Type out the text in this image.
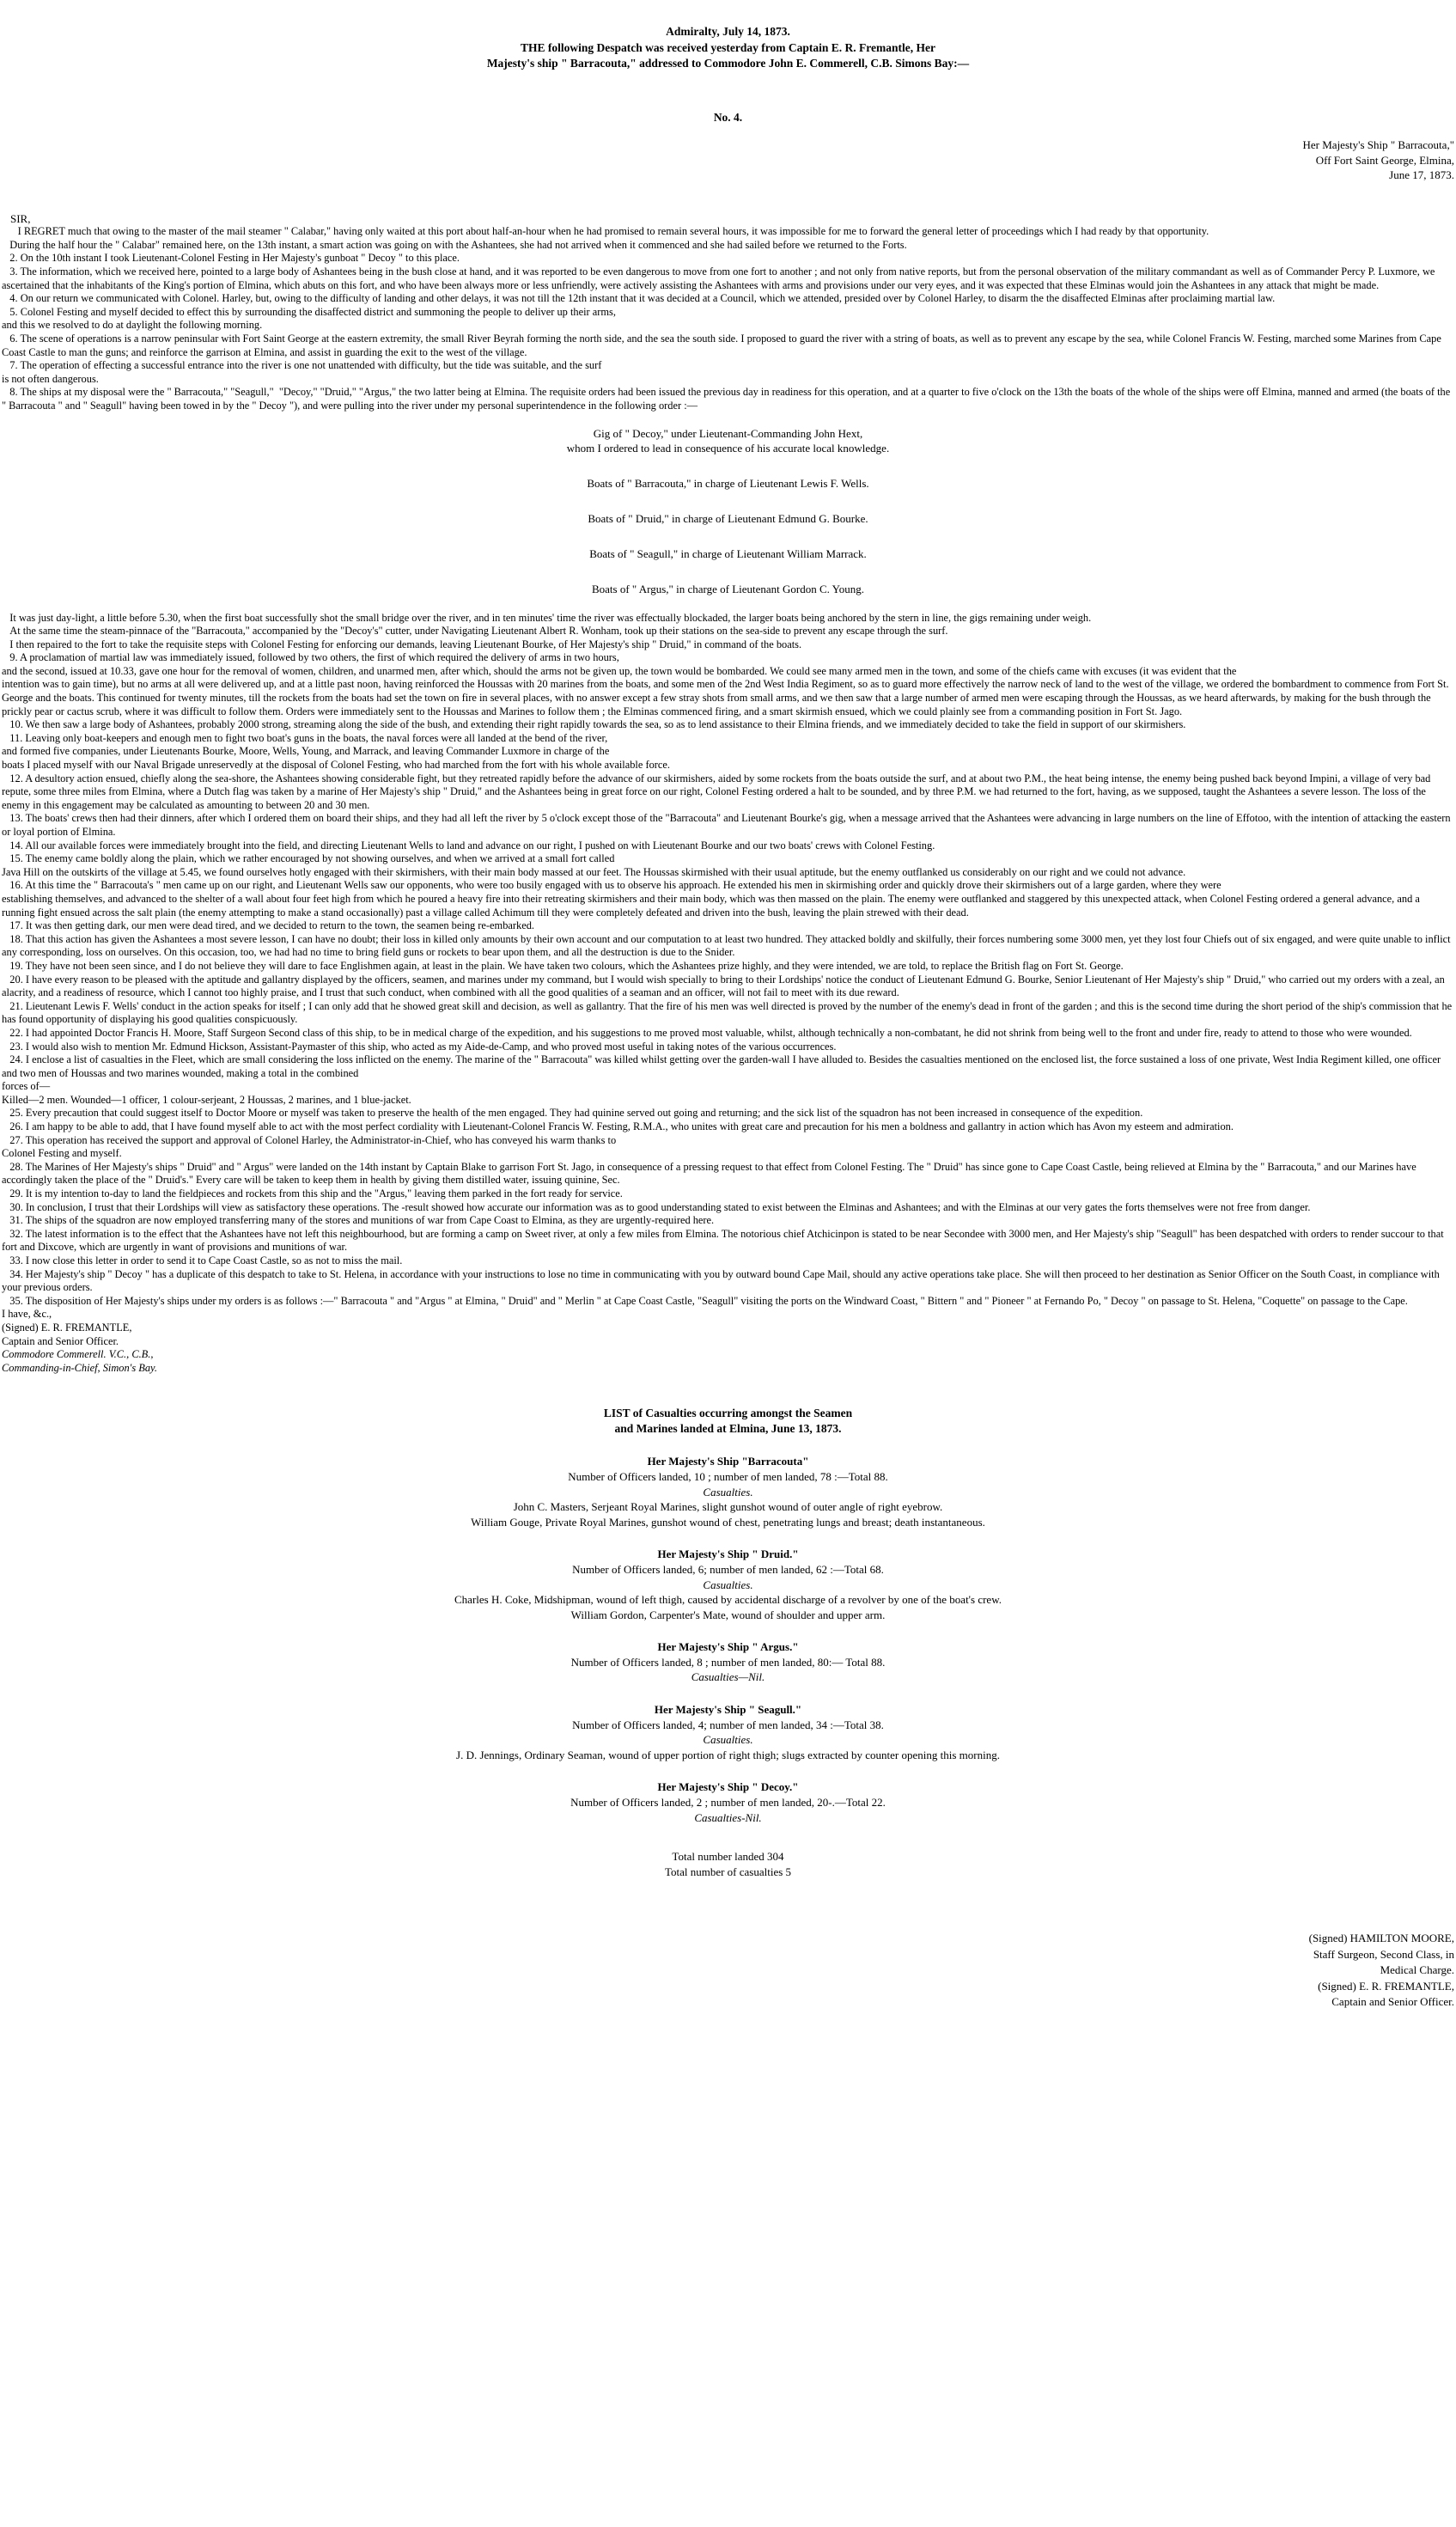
Admiralty, July 14, 1873.
THE following Despatch was received yesterday from Captain E. R. Fremantle, Her
Majesty's ship " Barracouta," addressed to Commodore John E. Commerell, C.B. Simons Bay:—
No. 4.
Her Majesty's Ship " Barracouta,"
Off Fort Saint George, Elmina,
June 17, 1873.
SIR,
I REGRET much that owing to the master of the mail steamer " Calabar," having only waited at this port about half-an-hour when he had promised to remain several hours, it was impossible for me to forward the general letter of proceedings which I had ready by that opportunity.
During the half hour the " Calabar" remained here, on the 13th instant, a smart action was going on with the Ashantees, she had not arrived when it commenced and she had sailed before we returned to the Forts.
2. On the 10th instant I took Lieutenant-Colonel Festing in Her Majesty's gunboat " Decoy " to this place.
3. The information, which we received here, pointed to a large body of Ashantees being in the bush close at hand, and it was reported to be even dangerous to move from one fort to another ; and not only from native reports, but from the personal observation of the military commandant as well as of Commander Percy P. Luxmore, we ascertained that the inhabitants of the King's portion of Elmina, which abuts on this fort, and who have been always more or less unfriendly, were actively assisting the Ashantees with arms and provisions under our very eyes, and it was expected that these Elminas would join the Ashantees in any attack that might be made.
4. On our return we communicated with Colonel. Harley, but, owing to the difficulty of landing and other delays, it was not till the 12th instant that it was decided at a Council, which we attended, presided over by Colonel Harley, to disarm the the disaffected Elminas after proclaiming martial law.
5. Colonel Festing and myself decided to effect this by surrounding the disaffected district and summoning the people to deliver up their arms,
and this we resolved to do at daylight the following morning.
6. The scene of operations is a narrow peninsular with Fort Saint George at the eastern extremity, the small River Beyrah forming the north side, and the sea the south side. I proposed to guard the river with a string of boats, as well as to prevent any escape by the sea, while Colonel Francis W. Festing, marched some Marines from Cape Coast Castle to man the guns; and reinforce the garrison at Elmina, and assist in guarding the exit to the west of the village.
7. The operation of effecting a successful entrance into the river is one not unattended with difficulty, but the tide was suitable, and the surf
is not often dangerous.
8. The ships at my disposal were the " Barracouta," "Seagull,"  "Decoy," "Druid," "Argus," the two latter being at Elmina. The requisite orders had been issued the previous day in readiness for this operation, and at a quarter to five o'clock on the 13th the boats of the whole of the ships were off Elmina, manned and armed (the boats of the " Barracouta " and " Seagull" having been towed in by the " Decoy "), and were pulling into the river under my personal superintendence in the following order :—
Gig of " Decoy," under Lieutenant-Commanding John Hext,
whom I ordered to lead in consequence of his accurate local knowledge.
Boats of " Barracouta," in charge of Lieutenant Lewis F. Wells.
Boats of " Druid," in charge of Lieutenant Edmund G. Bourke.
Boats of " Seagull," in charge of Lieutenant William Marrack.
Boats of " Argus," in charge of Lieutenant Gordon C. Young.
It was just day-light, a little before 5.30, when the first boat successfully shot the small bridge over the river, and in ten minutes' time the river was effectually blockaded, the larger boats being anchored by the stern in line, the gigs remaining under weigh.
At the same time the steam-pinnace of the "Barracouta," accompanied by the "Decoy's" cutter, under Navigating Lieutenant Albert R. Wonham, took up their stations on the sea-side to prevent any escape through the surf.
I then repaired to the fort to take the requisite steps with Colonel Festing for enforcing our demands, leaving Lieutenant Bourke, of Her Majesty's ship " Druid," in command of the boats.
9. A proclamation of martial law was immediately issued, followed by two others, the first of which required the delivery of arms in two hours,
and the second, issued at 10.33, gave one hour for the removal of women, children, and unarmed men, after which, should the arms not be given up, the town would be bombarded. We could see many armed men in the town, and some of the chiefs came with excuses (it was evident that the
intention was to gain time), but no arms at all were delivered up, and at a little past noon, having reinforced the Houssas with 20 marines from the boats, and some men of the 2nd West India Regiment, so as to guard more effectively the narrow neck of land to the west of the village, we ordered the bombardment to commence from Fort St. George and the boats. This continued for twenty minutes, till the rockets from the boats had set the town on fire in several places, with no answer except a few stray shots from small arms, and we then saw that a large number of armed men were escaping through the Houssas, as we heard afterwards, by making for the bush through the prickly pear or cactus scrub, where it was difficult to follow them. Orders were immediately sent to the Houssas and Marines to follow them ; the Elminas commenced firing, and a smart skirmish ensued, which we could plainly see from a commanding position in Fort St. Jago.
10. We then saw a large body of Ashantees, probably 2000 strong, streaming along the side of the bush, and extending their right rapidly towards the sea, so as to lend assistance to their Elmina friends, and we immediately decided to take the field in support of our skirmishers.
11. Leaving only boat-keepers and enough men to fight two boat's guns in the boats, the naval forces were all landed at the bend of the river,
and formed five companies, under Lieutenants Bourke, Moore, Wells, Young, and Marrack, and leaving Commander Luxmore in charge of the
boats I placed myself with our Naval Brigade unreservedly at the disposal of Colonel Festing, who had marched from the fort with his whole available force.
12. A desultory action ensued, chiefly along the sea-shore, the Ashantees showing considerable fight, but they retreated rapidly before the advance of our skirmishers, aided by some rockets from the boats outside the surf, and at about two P.M., the heat being intense, the enemy being pushed back beyond Impini, a village of very bad repute, some three miles from Elmina, where a Dutch flag was taken by a marine of Her Majesty's ship " Druid," and the Ashantees being in great force on our right, Colonel Festing ordered a halt to be sounded, and by three P.M. we had returned to the fort, having, as we supposed, taught the Ashantees a severe lesson. The loss of the enemy in this engagement may be calculated as amounting to between 20 and 30 men.
13. The boats' crews then had their dinners, after which I ordered them on board their ships, and they had all left the river by 5 o'clock except those of the "Barracouta" and Lieutenant Bourke's gig, when a message arrived that the Ashantees were advancing in large numbers on the line of Effotoo, with the intention of attacking the eastern or loyal portion of Elmina.
14. All our available forces were immediately brought into the field, and directing Lieutenant Wells to land and advance on our right, I pushed on with Lieutenant Bourke and our two boats' crews with Colonel Festing.
15. The enemy came boldly along the plain, which we rather encouraged by not showing ourselves, and when we arrived at a small fort called
Java Hill on the outskirts of the village at 5.45, we found ourselves hotly engaged with their skirmishers, with their main body massed at our feet. The Houssas skirmished with their usual aptitude, but the enemy outflanked us considerably on our right and we could not advance.
16. At this time the " Barracouta's " men came up on our right, and Lieutenant Wells saw our opponents, who were too busily engaged with us to observe his approach. He extended his men in skirmishing order and quickly drove their skirmishers out of a large garden, where they were
establishing themselves, and advanced to the shelter of a wall about four feet high from which he poured a heavy fire into their retreating skirmishers and their main body, which was then massed on the plain. The enemy were outflanked and staggered by this unexpected attack, when Colonel Festing ordered a general advance, and a running fight ensued across the salt plain (the enemy attempting to make a stand occasionally) past a village called Achimum till they were completely defeated and driven into the bush, leaving the plain strewed with their dead.
17. It was then getting dark, our men were dead tired, and we decided to return to the town, the seamen being re-embarked.
18. That this action has given the Ashantees a most severe lesson, I can have no doubt; their loss in killed only amounts by their own account and our computation to at least two hundred. They attacked boldly and skilfully, their forces numbering some 3000 men, yet they lost four Chiefs out of six engaged, and were quite unable to inflict any corresponding, loss on ourselves. On this occasion, too, we had had no time to bring field guns or rockets to bear upon them, and all the destruction is due to the Snider.
19. They have not been seen since, and I do not believe they will dare to face Englishmen again, at least in the plain. We have taken two colours, which the Ashantees prize highly, and they were intended, we are told, to replace the British flag on Fort St. George.
20. I have every reason to be pleased with the aptitude and gallantry displayed by the officers, seamen, and marines under my command, but I would wish specially to bring to their Lordships' notice the conduct of Lieutenant Edmund G. Bourke, Senior Lieutenant of Her Majesty's ship " Druid," who carried out my orders with a zeal, an alacrity, and a readiness of resource, which I cannot too highly praise, and I trust that such conduct, when combined with all the good qualities of a seaman and an officer, will not fail to meet with its due reward.
21. Lieutenant Lewis F. Wells' conduct in the action speaks for itself ; I can only add that he showed great skill and decision, as well as gallantry. That the fire of his men was well directed is proved by the number of the enemy's dead in front of the garden ; and this is the second time during the short period of the ship's commission that he has found opportunity of displaying his good qualities conspicuously.
22. I had appointed Doctor Francis H. Moore, Staff Surgeon Second class of this ship, to be in medical charge of the expedition, and his suggestions to me proved most valuable, whilst, although technically a non-combatant, he did not shrink from being well to the front and under fire, ready to attend to those who were wounded.
23. I would also wish to mention Mr. Edmund Hickson, Assistant-Paymaster of this ship, who acted as my Aide-de-Camp, and who proved most useful in taking notes of the various occurrences.
24. I enclose a list of casualties in the Fleet, which are small considering the loss inflicted on the enemy. The marine of the " Barracouta" was killed whilst getting over the garden-wall I have alluded to. Besides the casualties mentioned on the enclosed list, the force sustained a loss of one private, West India Regiment killed, one officer and two men of Houssas and two marines wounded, making a total in the combined
forces of—
Killed—2 men. Wounded—1 officer, 1 colour-serjeant, 2 Houssas, 2 marines, and 1 blue-jacket.
25. Every precaution that could suggest itself to Doctor Moore or myself was taken to preserve the health of the men engaged. They had quinine served out going and returning; and the sick list of the squadron has not been increased in consequence of the expedition.
26. I am happy to be able to add, that I have found myself able to act with the most perfect cordiality with Lieutenant-Colonel Francis W. Festing, R.M.A., who unites with great care and precaution for his men a boldness and gallantry in action which has Avon my esteem and admiration.
27. This operation has received the support and approval of Colonel Harley, the Administrator-in-Chief, who has conveyed his warm thanks to
Colonel Festing and myself.
28. The Marines of Her Majesty's ships " Druid" and " Argus" were landed on the 14th instant by Captain Blake to garrison Fort St. Jago, in consequence of a pressing request to that effect from Colonel Festing. The " Druid" has since gone to Cape Coast Castle, being relieved at Elmina by the " Barracouta," and our Marines have accordingly taken the place of the " Druid's." Every care will be taken to keep them in health by giving them distilled water, issuing quinine, Sec.
29. It is my intention to-day to land the fieldpieces and rockets from this ship and the "Argus," leaving them parked in the fort ready for service.
30. In conclusion, I trust that their Lordships will view as satisfactory these operations. The -result showed how accurate our information was as to good understanding stated to exist between the Elminas and Ashantees; and with the Elminas at our very gates the forts themselves were not free from danger.
31. The ships of the squadron are now employed transferring many of the stores and munitions of war from Cape Coast to Elmina, as they are urgently-required here.
32. The latest information is to the effect that the Ashantees have not left this neighbourhood, but are forming a camp on Sweet river, at only a few miles from Elmina. The notorious chief Atchicinpon is stated to be near Secondee with 3000 men, and Her Majesty's ship "Seagull" has been despatched with orders to render succour to that fort and Dixcove, which are urgently in want of provisions and munitions of war.
33. I now close this letter in order to send it to Cape Coast Castle, so as not to miss the mail.
34. Her Majesty's ship " Decoy " has a duplicate of this despatch to take to St. Helena, in accordance with your instructions to lose no time in communicating with you by outward bound Cape Mail, should any active operations take place. She will then proceed to her destination as Senior Officer on the South Coast, in compliance with your previous orders.
35. The disposition of Her Majesty's ships under my orders is as follows :—" Barracouta " and "Argus " at Elmina, " Druid" and " Merlin " at Cape Coast Castle, "Seagull" visiting the ports on the Windward Coast, " Bittern " and " Pioneer " at Fernando Po, " Decoy " on passage to St. Helena, "Coquette" on passage to the Cape.
I have, &c.,
(Signed) E. R. FREMANTLE,
Captain and Senior Officer.
Commodore Commerell. V.C., C.B.,
Commanding-in-Chief, Simon's Bay.
LIST of Casualties occurring amongst the Seamen
and Marines landed at Elmina, June 13, 1873.
Her Majesty's Ship "Barracouta"
Number of Officers landed, 10 ; number of men landed, 78 :—Total 88.
Casualties.
John C. Masters, Serjeant Royal Marines, slight gunshot wound of outer angle of right eyebrow.
William Gouge, Private Royal Marines, gunshot wound of chest, penetrating lungs and breast; death instantaneous.
Her Majesty's Ship " Druid."
Number of Officers landed, 6; number of men landed, 62 :—Total 68.
Casualties.
Charles H. Coke, Midshipman, wound of left thigh, caused by accidental discharge of a revolver by one of the boat's crew.
William Gordon, Carpenter's Mate, wound of shoulder and upper arm.
Her Majesty's Ship " Argus."
Number of Officers landed, 8 ; number of men landed, 80:— Total 88.
Casualties—Nil.
Her Majesty's Ship " Seagull."
Number of Officers landed, 4; number of men landed, 34 :—Total 38.
Casualties.
J. D. Jennings, Ordinary Seaman, wound of upper portion of right thigh; slugs extracted by counter opening this morning.
Her Majesty's Ship " Decoy."
Number of Officers landed, 2 ; number of men landed, 20-.—Total 22.
Casualties-Nil.
Total number landed 304
Total number of casualties 5
(Signed) HAMILTON MOORE,
Staff Surgeon, Second Class, in
Medical Charge.
(Signed) E. R. FREMANTLE,
Captain and Senior Officer.
